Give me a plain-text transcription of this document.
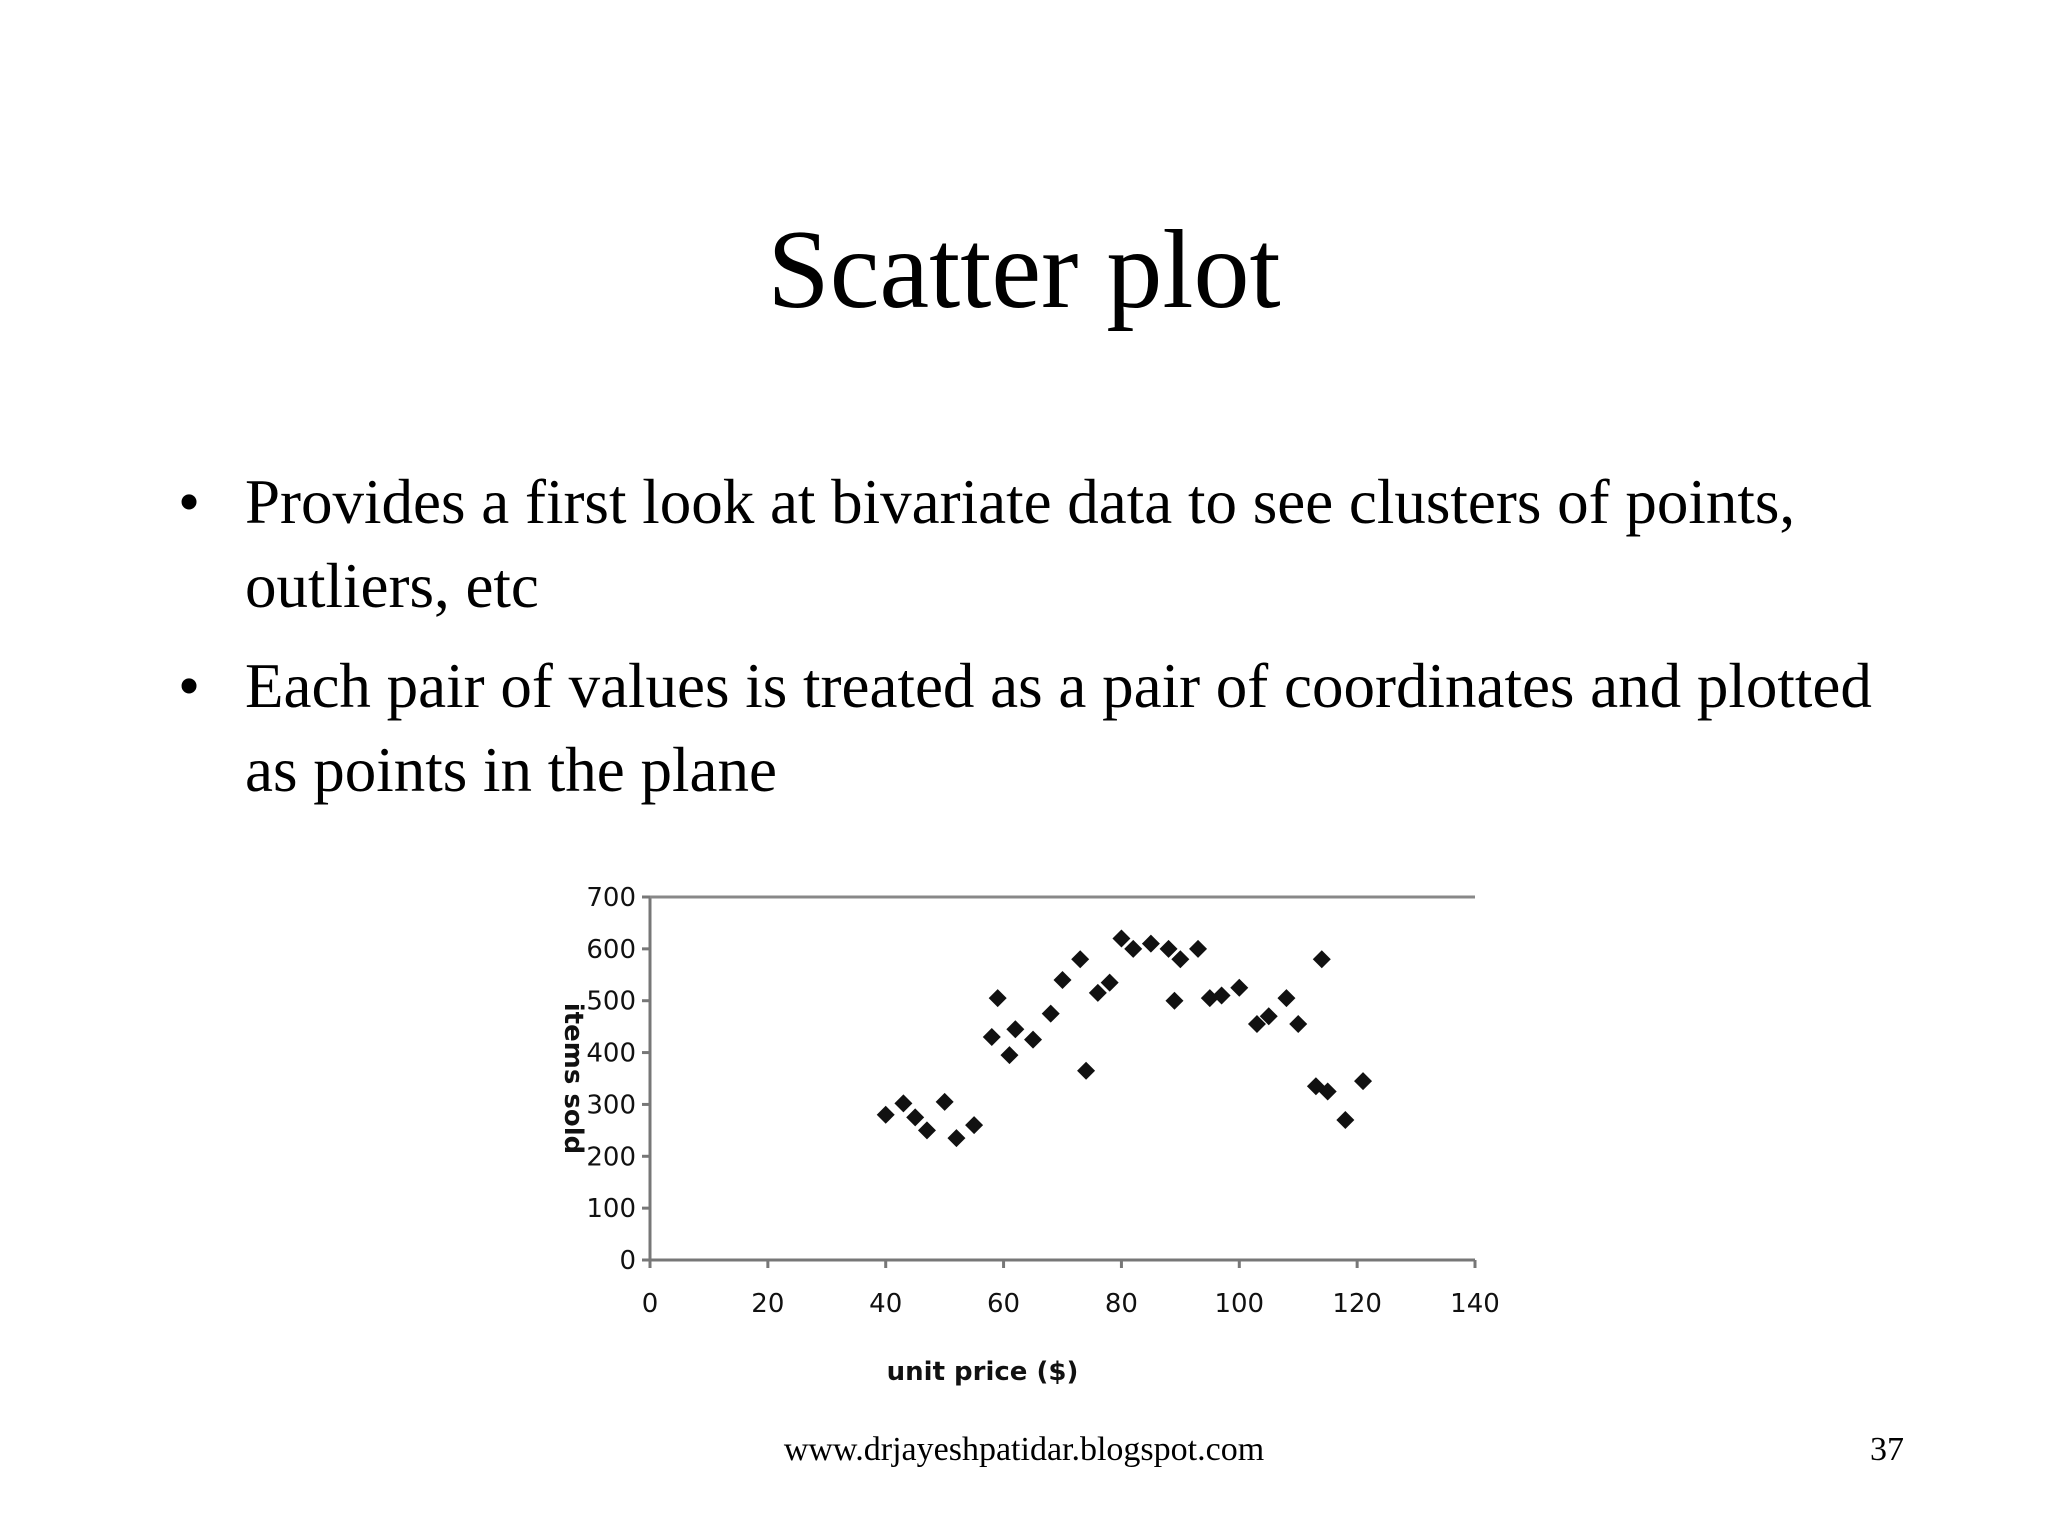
Scatter plot
• Provides a first look at bivariate data to see clusters of points, outliers, etc
• Each pair of values is treated as a pair of coordinates and plotted as points in the plane
0
100
200
300
400
500
600
700
0	20	40	60	80	100	120	140
unit price ($)
items sold
www.drjayeshpatidar.blogspot.com	37
